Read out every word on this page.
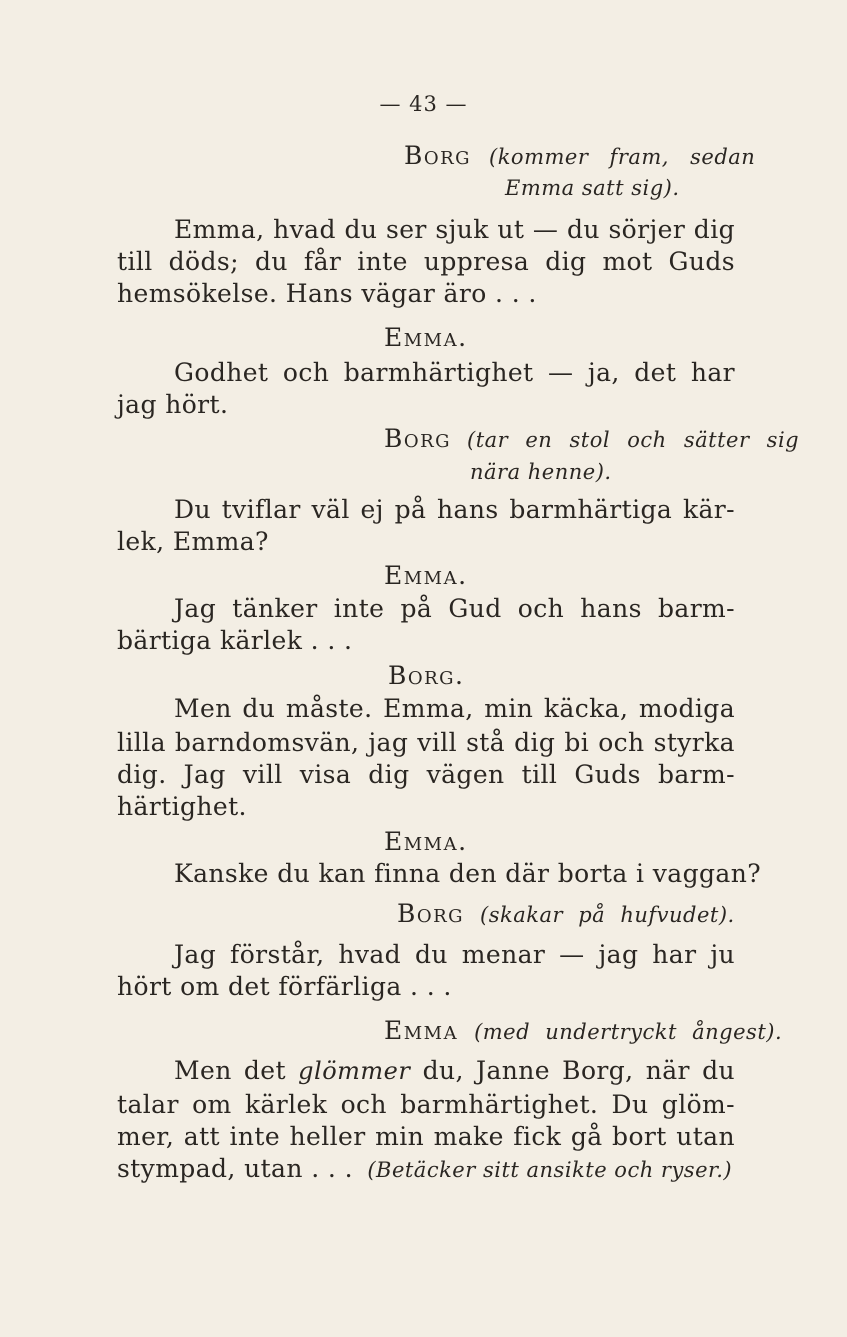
— 43 —
Borg (kommer fram, sedan
Emma satt sig).
Emma, hvad du ser sjuk ut — du sörjer dig
till döds; du får inte uppresa dig mot Guds
hemsökelse. Hans vägar äro . . .
Emma.
Godhet och barmhärtighet — ja, det har
jag hört.
Borg (tar en stol och sätter sig
nära henne).
Du tviflar väl ej på hans barmhärtiga kär-
lek, Emma?
Emma.
Jag tänker inte på Gud och hans barm-
bärtiga kärlek . . .
Borg.
Men du måste. Emma, min käcka, modiga
lilla barndomsvän, jag vill stå dig bi och styrka
dig. Jag vill visa dig vägen till Guds barm-
härtighet.
Emma.
Kanske du kan finna den där borta i vaggan?
Borg (skakar på hufvudet).
Jag förstår, hvad du menar — jag har ju
hört om det förfärliga . . .
Emma (med undertryckt ångest).
Men det glömmer du, Janne Borg, när du
talar om kärlek och barmhärtighet. Du glöm-
mer, att inte heller min make fick gå bort utan
stympad, utan . . . (Betäcker sitt ansikte och ryser.)
